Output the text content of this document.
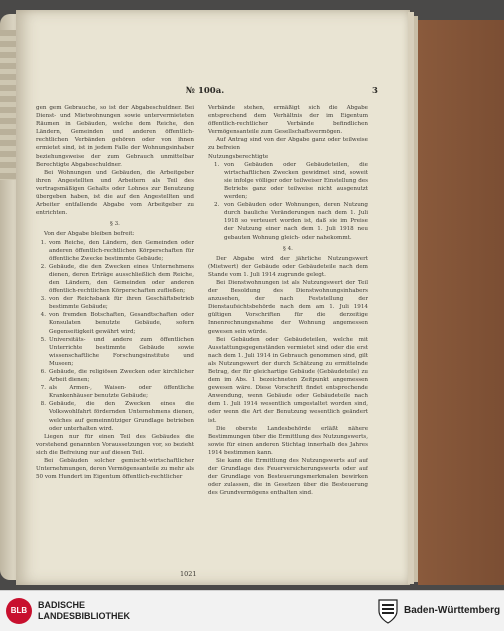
№ 100a.	3

gen gem Gebrauche, so ist der Abgabeschuldner. Bei Dienst- und Mietwohnungen sowie untervermieteten Räumen in Gebäuden, welche dem Reiche, den Ländern, Gemeinden und anderen öffentlich-rechtlichen Verbänden gehören oder von ihnen ermietet sind, ist in jedem Falle der Wohnungsinhaber beziehungsweise der zum Gebrauch unmittelbar Berechtigte Abgabeschuldner.

Bei Wohnungen und Gebäuden, die Arbeitgeber ihren Angestellten und Arbeitern als Teil des vertragsmäßigen Gehalts oder Lohnes zur Benutzung übergeben haben, ist die auf den Angestellten und Arbeiter entfallende Abgabe vom Arbeitgeber zu entrichten.

§ 3.

Von der Abgabe bleiben befreit:

1. vom Reiche, den Ländern, den Gemeinden oder anderen öffentlich-rechtlichen Körperschaften für öffentliche Zwecke bestimmte Gebäude;
2. Gebäude, die den Zwecken eines Unternehmens dienen, deren Erträge ausschließlich dem Reiche, den Ländern, den Gemeinden oder anderen öffentlich-rechtlichen Körperschaften zufließen;
3. von der Reichsbank für ihren Geschäftsbetrieb bestimmte Gebäude;
4. von fremden Botschaften, Gesandtschaften oder Konsulaten benutzte Gebäude, sofern Gegenseitigkeit gewährt wird;
5. Universitäts- und andere zum öffentlichen Unterrichte bestimmte Gebäude sowie wissenschaftliche Forschungsinstitute und Museen;
6. Gebäude, die religiösen Zwecken oder kirchlicher Arbeit dienen;
7. als Armen-, Waisen- oder öffentliche Krankenhäuser benutzte Gebäude;
8. Gebäude, die den Zwecken eines die Volkswohlfahrt fördernden Unternehmens dienen, welches auf gemeinnütziger Grundlage betrieben oder unterhalten wird.

Liegen nur für einen Teil des Gebäudes die vorstehend genannten Voraussetzungen vor, so bezieht sich die Befreiung nur auf diesen Teil.

Bei Gebäuden solcher gemischt-wirtschaftlicher Unternehmungen, deren Vermögensanteile zu mehr als 50 vom Hundert im Eigentum öffentlich-rechtlicher

Verbände stehen, ermäßigt sich die Abgabe entsprechend dem Verhältnis der im Eigentum öffentlich-rechtlicher Verbände befindlichen Vermögensanteile zum Gesellschaftsvermögen.

Auf Antrag sind von der Abgabe ganz oder teilweise zu befreien

Nutzungsberechtigte

1. von Gebäuden oder Gebäudeteilen, die wirtschaftlichen Zwecken gewidmet sind, soweit sie infolge völliger oder teilweiser Einstellung des Betriebs ganz oder teilweise nicht ausgenutzt werden;
2. von Gebäuden oder Wohnungen, deren Nutzung durch bauliche Veränderungen nach dem 1. Juli 1918 so verteuert worden ist, daß sie im Preise der Nutzung einer nach dem 1. Juli 1918 neu gebauten Wohnung gleich- oder nahekommt.

§ 4.

Der Abgabe wird der jährliche Nutzungswert (Mietwert) der Gebäude oder Gebäudeteile nach dem Stande vom 1. Juli 1914 zugrunde gelegt.

Bei Dienstwohnungen ist als Nutzungswert der Teil der Besoldung des Dienstwohnungsinhabers anzusehen, der nach Feststellung der Dienstaufsichtsbehörde nach dem am 1. Juli 1914 gültigen Vorschriften für die derzeitige Innenrechnungsnahme der Wohnung angemessen gewesen sein würde.

Bei Gebäuden oder Gebäudeteilen, welche mit Ausstattungsgegenständen vermietet sind oder die erst nach dem 1. Juli 1914 in Gebrauch genommen sind, gilt als Nutzungswert der durch Schätzung zu ermittelnde Betrag, der für gleichartige Gebäude (Gebäudeteile) zu dem im Abs. 1 bezeichneten Zeitpunkt angemessen gewesen wäre. Diese Vorschrift findet entsprechende Anwendung, wenn Gebäude oder Gebäudeteile nach dem 1. Juli 1914 wesentlich umgestaltet worden sind, oder wenn die Art der Benutzung wesentlich geändert ist.

Die oberste Landesbehörde erläßt nähere Bestimmungen über die Ermittlung des Nutzungswerts, sowie für einen anderen Stichtag innerhalb des Jahres 1914 bestimmen kann.

Sie kann die Ermittlung des Nutzungswerts auf auf der Grundlage des Feuerversicherungswerts oder auf der Grundlage von Besteuerungsmerkmalen bewirken oder zulassen, die in Gesetzen über die Besteuerung des Grundvermögens enthalten sind.

1021
BLB
BADISCHE
LANDESBIBLIOTHEK	Baden-Württemberg
